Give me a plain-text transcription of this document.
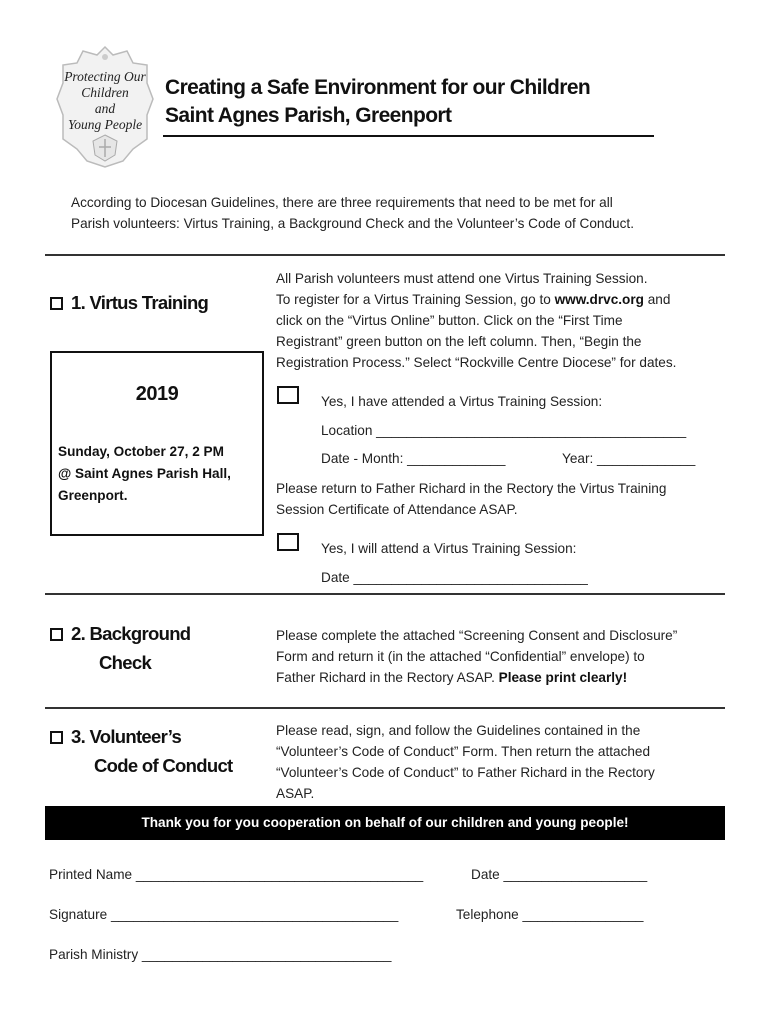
Protecting Our
Children
and
Young People
Creating a Safe Environment for our Children
Saint Agnes Parish, Greenport
According to Diocesan Guidelines, there are three requirements that need to be met for all
Parish volunteers: Virtus Training, a Background Check and the Volunteer’s Code of Conduct.
1. Virtus Training
2019
Sunday, October 27, 2 PM
@ Saint Agnes Parish Hall,
Greenport.
All Parish volunteers must attend one Virtus Training Session.
To register for a Virtus Training Session, go to www.drvc.org and
click on the “Virtus Online” button. Click on the “First Time
Registrant” green button on the left column. Then, “Begin the
Registration Process.” Select “Rockville Centre Diocese” for dates.
Yes, I have attended a Virtus Training Session:
Location _________________________________________
Date - Month: _____________	Year: _____________
Please return to Father Richard in the Rectory the Virtus Training
Session Certificate of Attendance ASAP.
Yes, I will attend a Virtus Training Session:
Date _______________________________
2. Background
Check
Please complete the attached “Screening Consent and Disclosure”
Form and return it (in the attached “Confidential” envelope) to
Father Richard in the Rectory ASAP. Please print clearly!
3. Volunteer’s
Code of Conduct
Please read, sign, and follow the Guidelines contained in the
“Volunteer’s Code of Conduct” Form. Then return the attached
“Volunteer’s Code of Conduct” to Father Richard in the Rectory
ASAP.
Thank you for you cooperation on behalf of our children and young people!
Printed Name ______________________________________	Date ___________________
Signature ______________________________________	Telephone ________________
Parish Ministry _________________________________
